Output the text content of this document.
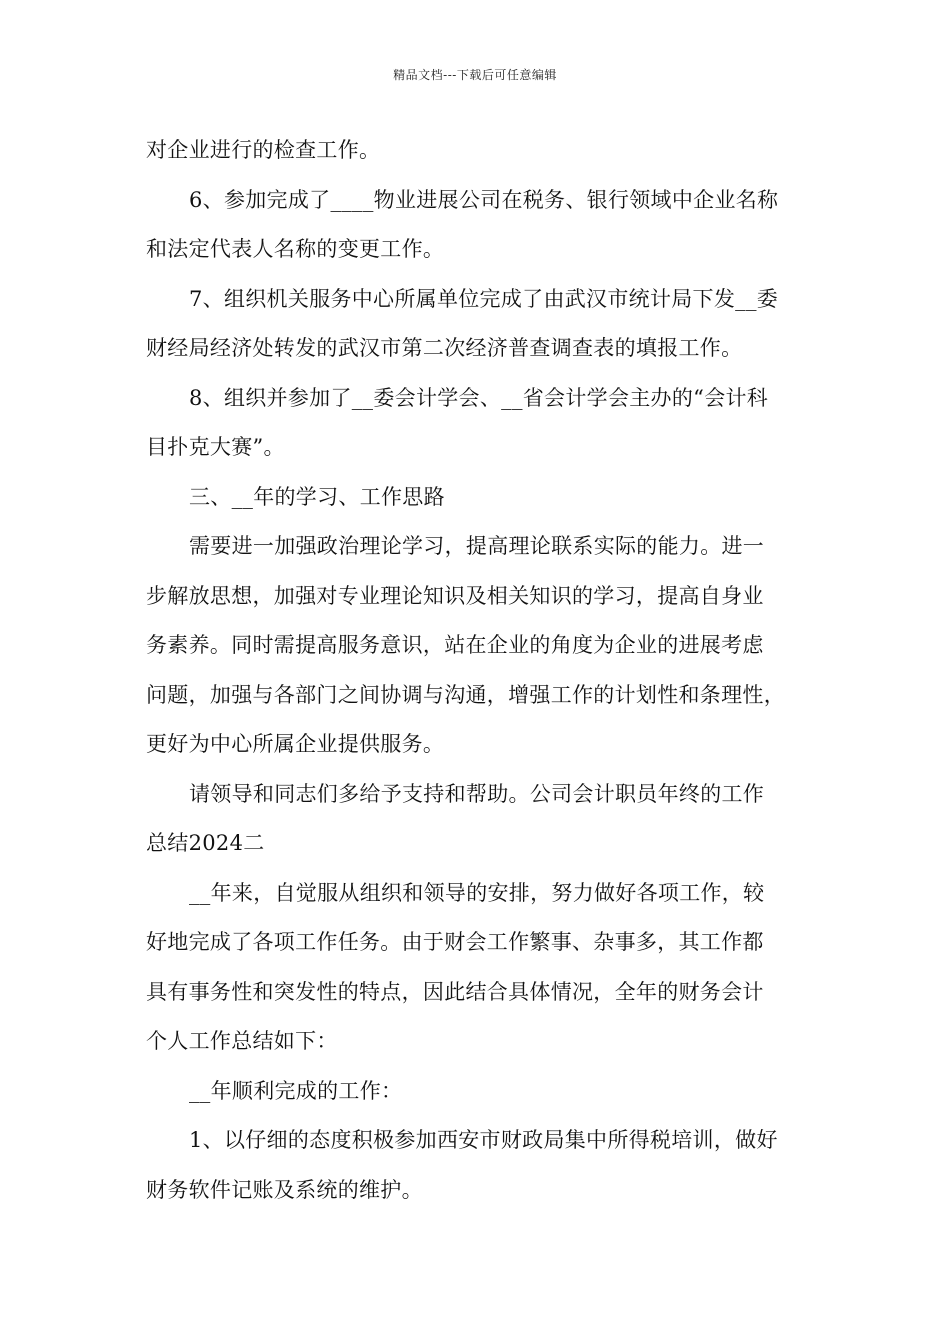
精品文档---下载后可任意编辑
对企业进行的检查工作。
6、参加完成了____物业进展公司在税务、银行领域中企业名称
和法定代表人名称的变更工作。
7、组织机关服务中心所属单位完成了由武汉市统计局下发__委
财经局经济处转发的武汉市第二次经济普查调查表的填报工作。
8、组织并参加了__委会计学会、__省会计学会主办的“会计科
目扑克大赛”。
三、__年的学习、工作思路
需要进一加强政治理论学习，提高理论联系实际的能力。进一
步解放思想，加强对专业理论知识及相关知识的学习，提高自身业
务素养。同时需提高服务意识，站在企业的角度为企业的进展考虑
问题，加强与各部门之间协调与沟通，增强工作的计划性和条理性，
更好为中心所属企业提供服务。
请领导和同志们多给予支持和帮助。公司会计职员年终的工作
总结2024二
__年来，自觉服从组织和领导的安排，努力做好各项工作，较
好地完成了各项工作任务。由于财会工作繁事、杂事多，其工作都
具有事务性和突发性的特点，因此结合具体情况，全年的财务会计
个人工作总结如下：
__年顺利完成的工作：
1、以仔细的态度积极参加西安市财政局集中所得税培训，做好
财务软件记账及系统的维护。
